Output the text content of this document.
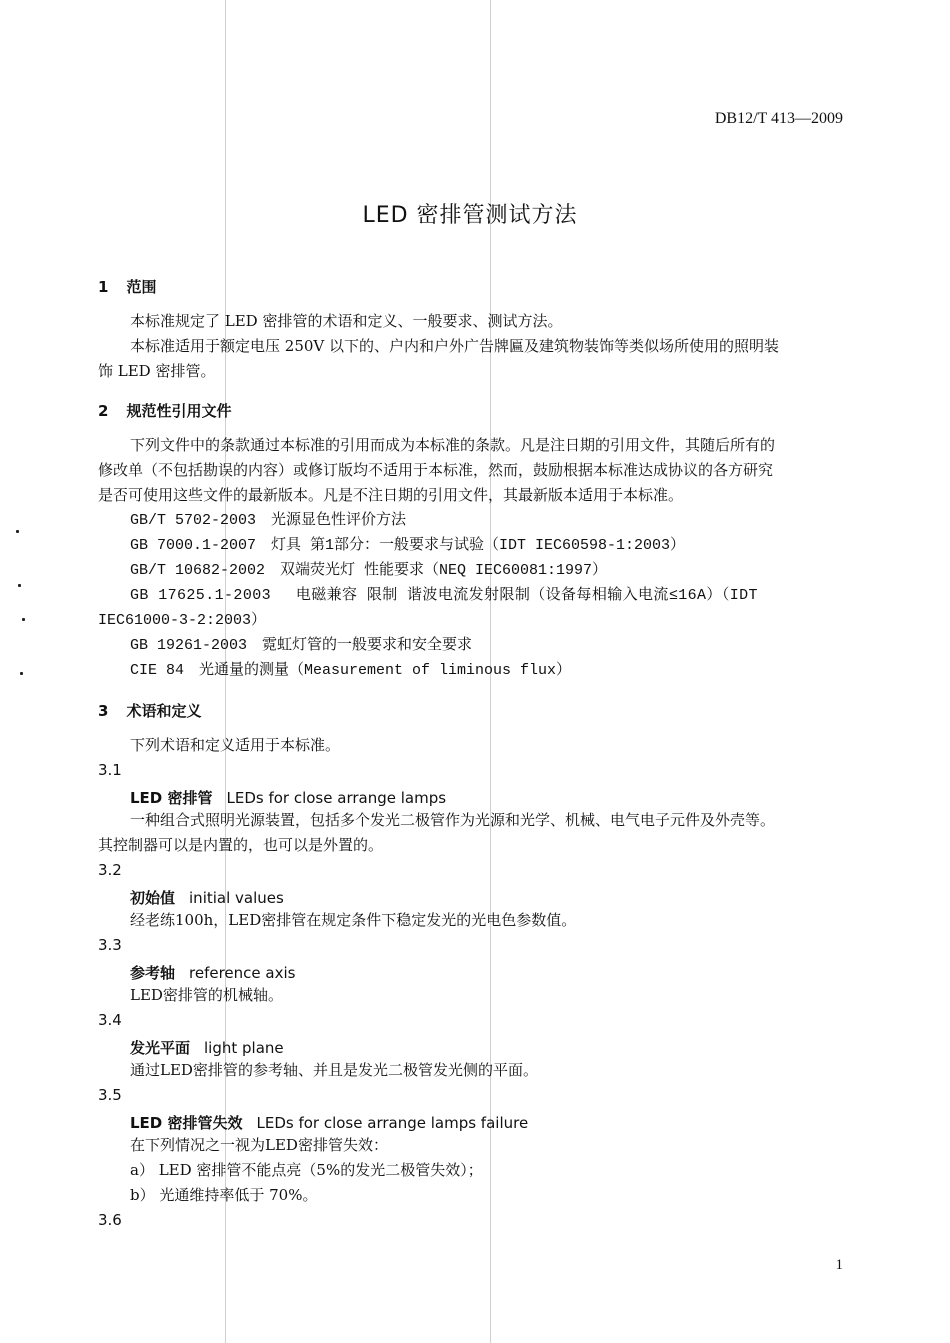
DB12/T 413—2009
LED 密排管测试方法
1 范围
本标准规定了 LED 密排管的术语和定义、一般要求、测试方法。
本标准适用于额定电压 250V 以下的、户内和户外广告牌匾及建筑物装饰等类似场所使用的照明装
饰 LED 密排管。
2 规范性引用文件
下列文件中的条款通过本标准的引用而成为本标准的条款。凡是注日期的引用文件，其随后所有的
修改单（不包括勘误的内容）或修订版均不适用于本标准，然而，鼓励根据本标准达成协议的各方研究
是否可使用这些文件的最新版本。凡是不注日期的引用文件，其最新版本适用于本标准。
GB/T 5702-2003　光源显色性评价方法
GB 7000.1-2007　灯具 第1部分：一般要求与试验（IDT IEC60598-1:2003）
GB/T 10682-2002　双端荧光灯 性能要求（NEQ IEC60081:1997）
GB 17625.1-2003　 电磁兼容 限制 谐波电流发射限制（设备每相输入电流≤16A）（IDT
IEC61000-3-2:2003）
GB 19261-2003　霓虹灯管的一般要求和安全要求
CIE 84　光通量的测量（Measurement of liminous flux）
3 术语和定义
下列术语和定义适用于本标准。
3.1
LED 密排管 LEDs for close arrange lamps
一种组合式照明光源装置，包括多个发光二极管作为光源和光学、机械、电气电子元件及外壳等。
其控制器可以是内置的，也可以是外置的。
3.2
初始值 initial values
经老练100h，LED密排管在规定条件下稳定发光的光电色参数值。
3.3
参考轴 reference axis
LED密排管的机械轴。
3.4
发光平面 light plane
通过LED密排管的参考轴、并且是发光二极管发光侧的平面。
3.5
LED 密排管失效 LEDs for close arrange lamps failure
在下列情况之一视为LED密排管失效：
a） LED 密排管不能点亮（5%的发光二极管失效）；
b） 光通维持率低于 70%。
3.6
1
